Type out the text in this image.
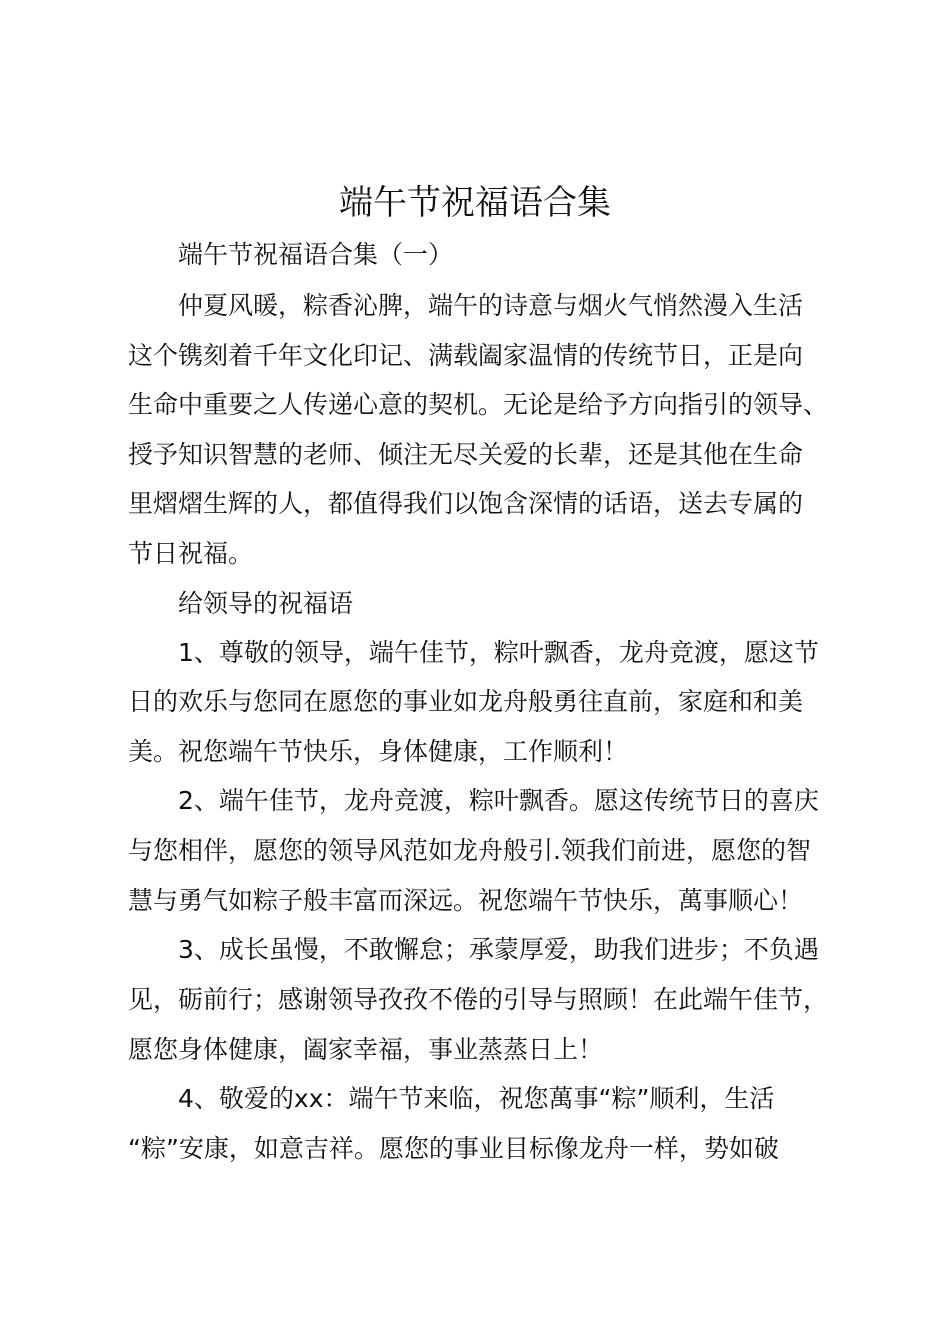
端午节祝福语合集

端午节祝福语合集（一）

仲夏风暖，粽香沁脾，端午的诗意与烟火气悄然漫入生活

这个镌刻着千年文化印记、满载阖家温情的传统节日，正是向

生命中重要之人传递心意的契机。无论是给予方向指引的领导、

授予知识智慧的老师、倾注无尽关爱的长辈，还是其他在生命

里熠熠生辉的人，都值得我们以饱含深情的话语，送去专属的

节日祝福。

给领导的祝福语

1、尊敬的领导，端午佳节，粽叶飘香，龙舟竞渡，愿这节

日的欢乐与您同在愿您的事业如龙舟般勇往直前，家庭和和美

美。祝您端午节快乐，身体健康，工作顺利！

2、端午佳节，龙舟竞渡，粽叶飘香。愿这传统节日的喜庆

与您相伴，愿您的领导风范如龙舟般引.领我们前进，愿您的智

慧与勇气如粽子般丰富而深远。祝您端午节快乐，萬事顺心！

3、成长虽慢，不敢懈怠；承蒙厚爱，助我们进步；不负遇

见，砺前行；感谢领导孜孜不倦的引导与照顾！在此端午佳节，

愿您身体健康，阖家幸福，事业蒸蒸日上！

4、敬爱的xx：端午节来临，祝您萬事“粽”顺利，生活

“粽”安康，如意吉祥。愿您的事业目标像龙舟一样，势如破
